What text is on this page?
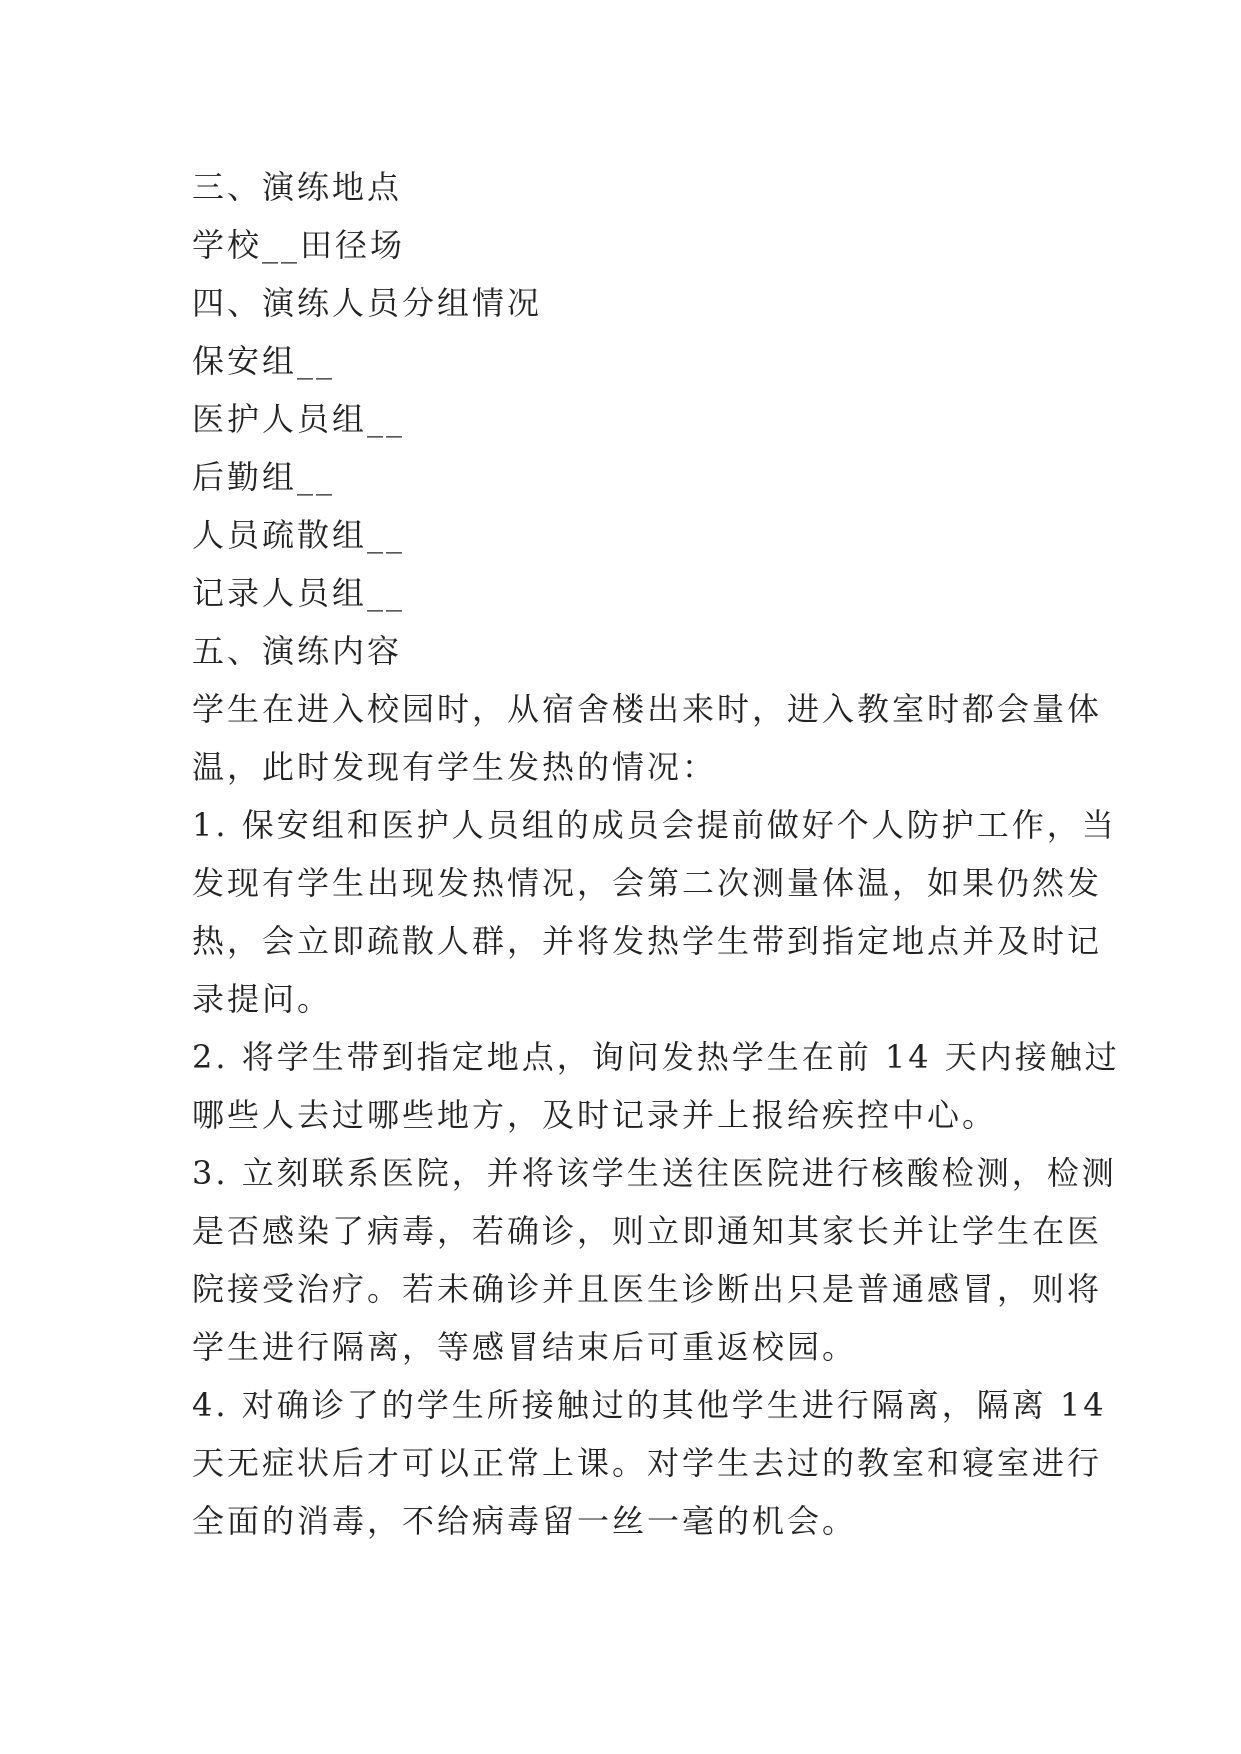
三、演练地点
学校__田径场
四、演练人员分组情况
保安组__
医护人员组__
后勤组__
人员疏散组__
记录人员组__
五、演练内容
学生在进入校园时，从宿舍楼出来时，进入教室时都会量体
温，此时发现有学生发热的情况：
1. 保安组和医护人员组的成员会提前做好个人防护工作，当
发现有学生出现发热情况，会第二次测量体温，如果仍然发
热，会立即疏散人群，并将发热学生带到指定地点并及时记
录提问。
2. 将学生带到指定地点，询问发热学生在前 14 天内接触过
哪些人去过哪些地方，及时记录并上报给疾控中心。
3. 立刻联系医院，并将该学生送往医院进行核酸检测，检测
是否感染了病毒，若确诊，则立即通知其家长并让学生在医
院接受治疗。若未确诊并且医生诊断出只是普通感冒，则将
学生进行隔离，等感冒结束后可重返校园。
4. 对确诊了的学生所接触过的其他学生进行隔离，隔离 14
天无症状后才可以正常上课。对学生去过的教室和寝室进行
全面的消毒，不给病毒留一丝一毫的机会。
